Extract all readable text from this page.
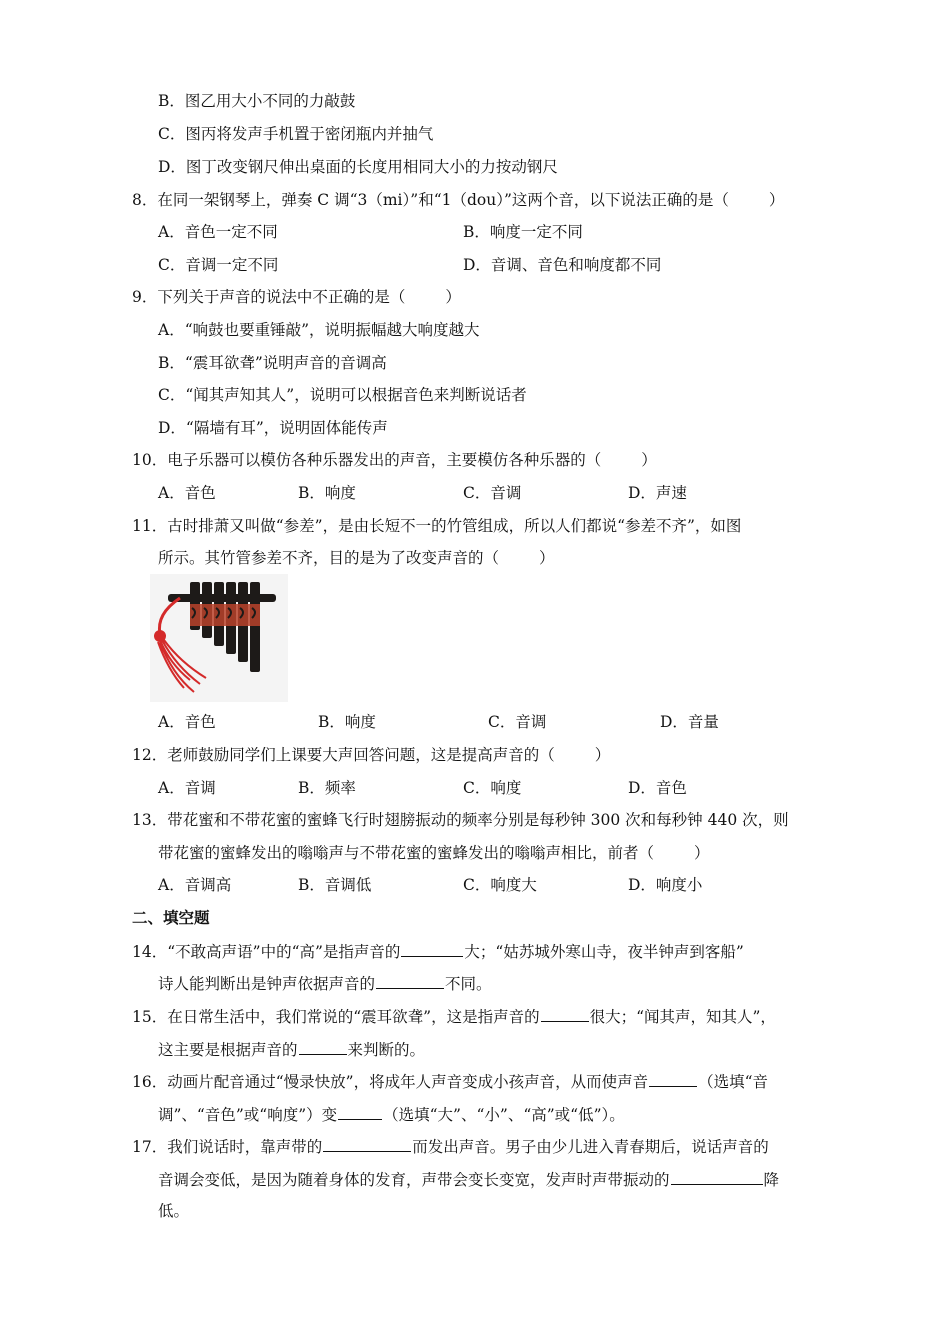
B．图乙用大小不同的力敲鼓
C．图丙将发声手机置于密闭瓶内并抽气
D．图丁改变钢尺伸出桌面的长度用相同大小的力按动钢尺
8．在同一架钢琴上，弹奏 C 调“3（mi）”和“1（dou）”这两个音，以下说法正确的是（	）
A．音色一定不同	B．响度一定不同
C．音调一定不同	D．音调、音色和响度都不同
9．下列关于声音的说法中不正确的是（	）
A．“响鼓也要重锤敲”，说明振幅越大响度越大
B．“震耳欲聋”说明声音的音调高
C．“闻其声知其人”，说明可以根据音色来判断说话者
D．“隔墙有耳”，说明固体能传声
10．电子乐器可以模仿各种乐器发出的声音，主要模仿各种乐器的（	）
A．音色	B．响度	C．音调	D．声速
11．古时排萧又叫做“参差”，是由长短不一的竹管组成，所以人们都说“参差不齐”，如图
所示。其竹管参差不齐，目的是为了改变声音的（	）
A．音色	B．响度	C．音调	D．音量
12．老师鼓励同学们上课要大声回答问题，这是提高声音的（	）
A．音调	B．频率	C．响度	D．音色
13．带花蜜和不带花蜜的蜜蜂飞行时翅膀振动的频率分别是每秒钟 300 次和每秒钟 440 次，则
带花蜜的蜜蜂发出的嗡嗡声与不带花蜜的蜜蜂发出的嗡嗡声相比，前者（	）
A．音调高	B．音调低	C．响度大	D．响度小
二、填空题
14．“不敢高声语”中的“高”是指声音的	大；“姑苏城外寒山寺，夜半钟声到客船”
诗人能判断出是钟声依据声音的	不同。
15．在日常生活中，我们常说的“震耳欲聋”，这是指声音的	很大；“闻其声，知其人”，
这主要是根据声音的	来判断的。
16．动画片配音通过“慢录快放”，将成年人声音变成小孩声音，从而使声音	（选填“音
调”、“音色”或“响度”）变	（选填“大”、“小”、“高”或“低”）。
17．我们说话时，靠声带的	而发出声音。男子由少儿进入青春期后，说话声音的
音调会变低，是因为随着身体的发育，声带会变长变宽，发声时声带振动的	降
低。
